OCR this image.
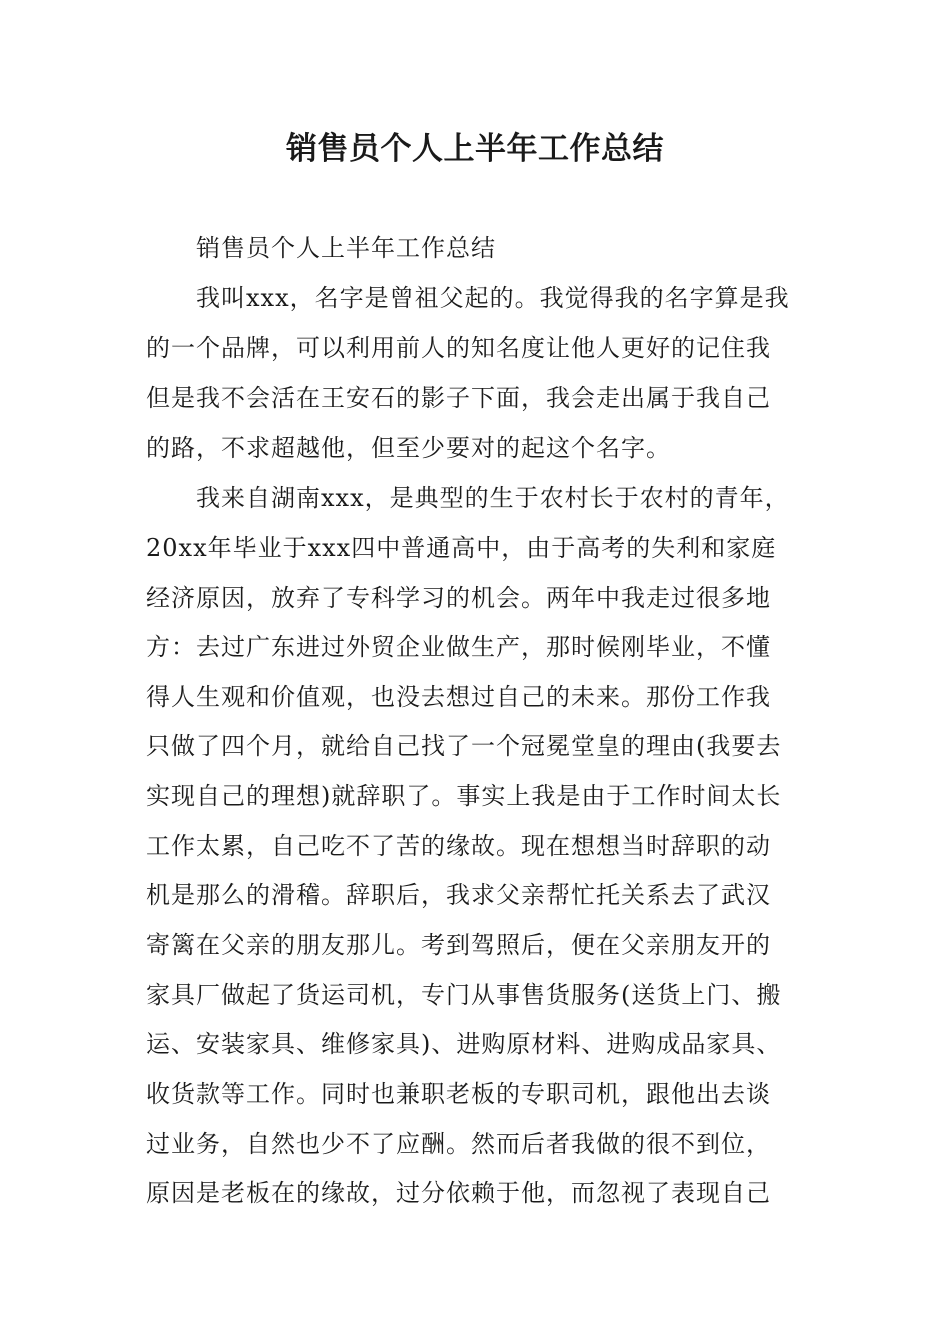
销售员个人上半年工作总结
销售员个人上半年工作总结
我叫xxx，名字是曾祖父起的。我觉得我的名字算是我
的一个品牌，可以利用前人的知名度让他人更好的记住我
但是我不会活在王安石的影子下面，我会走出属于我自己
的路，不求超越他，但至少要对的起这个名字。
我来自湖南xxx，是典型的生于农村长于农村的青年，
20xx年毕业于xxx四中普通高中，由于高考的失利和家庭
经济原因，放弃了专科学习的机会。两年中我走过很多地
方：去过广东进过外贸企业做生产，那时候刚毕业，不懂
得人生观和价值观，也没去想过自己的未来。那份工作我
只做了四个月，就给自己找了一个冠冕堂皇的理由(我要去
实现自己的理想)就辞职了。事实上我是由于工作时间太长
工作太累，自己吃不了苦的缘故。现在想想当时辞职的动
机是那么的滑稽。辞职后，我求父亲帮忙托关系去了武汉
寄篱在父亲的朋友那儿。考到驾照后，便在父亲朋友开的
家具厂做起了货运司机，专门从事售货服务(送货上门、搬
运、安装家具、维修家具)、进购原材料、进购成品家具、
收货款等工作。同时也兼职老板的专职司机，跟他出去谈
过业务，自然也少不了应酬。然而后者我做的很不到位，
原因是老板在的缘故，过分依赖于他，而忽视了表现自己
